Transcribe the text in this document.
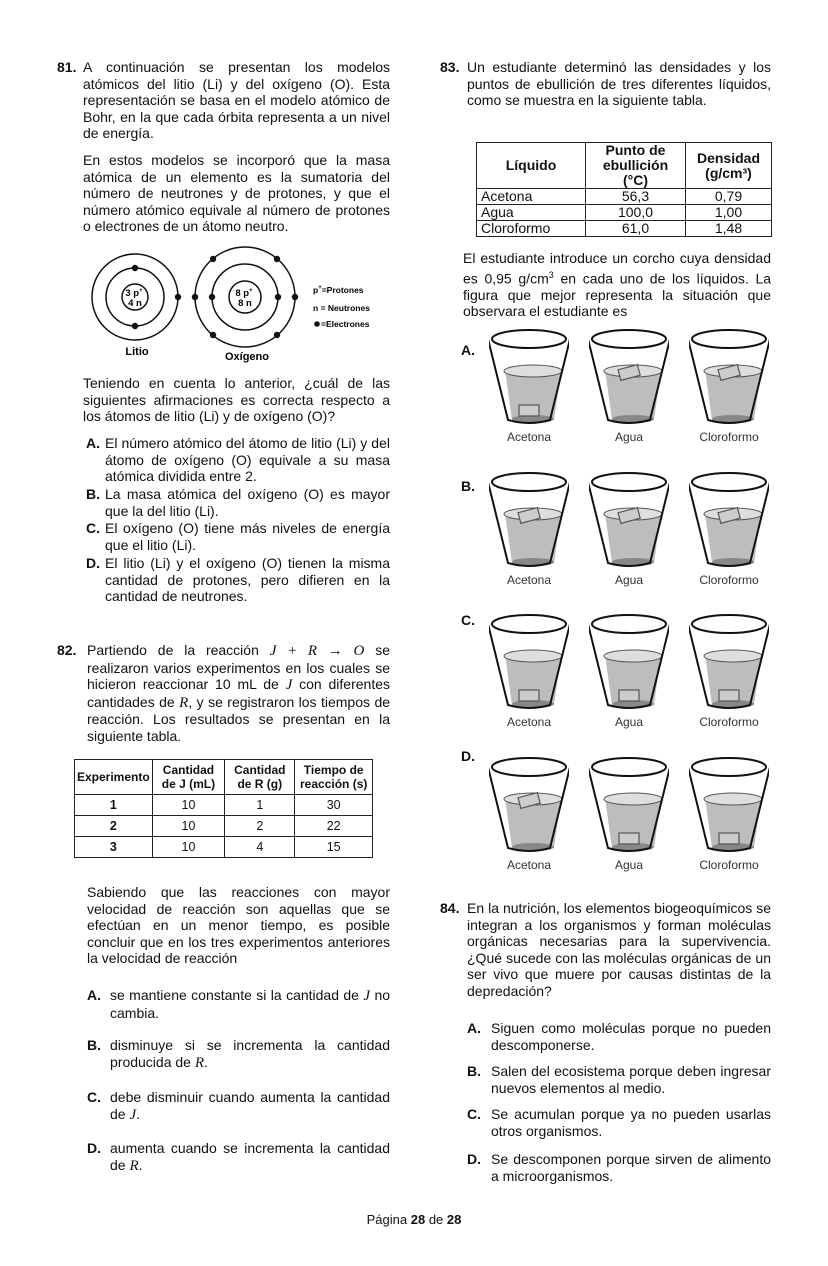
81. A continuación se presentan los modelos atómicos del litio (Li) y del oxígeno (O). Esta representación se basa en el modelo atómico de Bohr, en la que cada órbita representa a un nivel de energía.
En estos modelos se incorporó que la masa atómica de un elemento es la sumatoria del número de neutrones y de protones, y que el número atómico equivale al número de protones o electrones de un átomo neutro.
3 p+
4 n
8 p+
8 n
Litio	Oxígeno
p+=Protones
n = Neutrones
=Electrones
Teniendo en cuenta lo anterior, ¿cuál de las siguientes afirmaciones es correcta respecto a los átomos de litio (Li) y de oxígeno (O)?
A. El número atómico del átomo de litio (Li) y del átomo de oxígeno (O) equivale a su masa atómica dividida entre 2.
B. La masa atómica del oxígeno (O) es mayor que la del litio (Li).
C. El oxígeno (O) tiene más niveles de energía que el litio (Li).
D. El litio (Li) y el oxígeno (O) tienen la misma cantidad de protones, pero difieren en la cantidad de neutrones.
82. Partiendo de la reacción J + R → O se realizaron varios experimentos en los cuales se hicieron reaccionar 10 mL de J con diferentes cantidades de R, y se registraron los tiempos de reacción. Los resultados se presentan en la siguiente tabla.
Experimento	Cantidad de J (mL)	Cantidad de R (g)	Tiempo de reacción (s)
1	10	1	30
2	10	2	22
3	10	4	15
Sabiendo que las reacciones con mayor velocidad de reacción son aquellas que se efectúan en un menor tiempo, es posible concluir que en los tres experimentos anteriores la velocidad de reacción
A. se mantiene constante si la cantidad de J no cambia.
B. disminuye si se incrementa la cantidad producida de R.
C. debe disminuir cuando aumenta la cantidad de J.
D. aumenta cuando se incrementa la cantidad de R.
83. Un estudiante determinó las densidades y los puntos de ebullición de tres diferentes líquidos, como se muestra en la siguiente tabla.
Líquido	Punto de ebullición (°C)	Densidad (g/cm³)
Acetona	56,3	0,79
Agua	100,0	1,00
Cloroformo	61,0	1,48
El estudiante introduce un corcho cuya densidad es 0,95 $g/cm^3$ en cada uno de los líquidos. La figura que mejor representa la situación que observara el estudiante es
A.
Acetona	Agua	Cloroformo
B.
Acetona	Agua	Cloroformo
C.
Acetona	Agua	Cloroformo
D.
Acetona	Agua	Cloroformo
84. En la nutrición, los elementos biogeoquímicos se integran a los organismos y forman moléculas orgánicas necesarias para la supervivencia. ¿Qué sucede con las moléculas orgánicas de un ser vivo que muere por causas distintas de la depredación?
A. Siguen como moléculas porque no pueden descomponerse.
B. Salen del ecosistema porque deben ingresar nuevos elementos al medio.
C. Se acumulan porque ya no pueden usarlas otros organismos.
D. Se descomponen porque sirven de alimento a microorganismos.
Página 28 de 28
